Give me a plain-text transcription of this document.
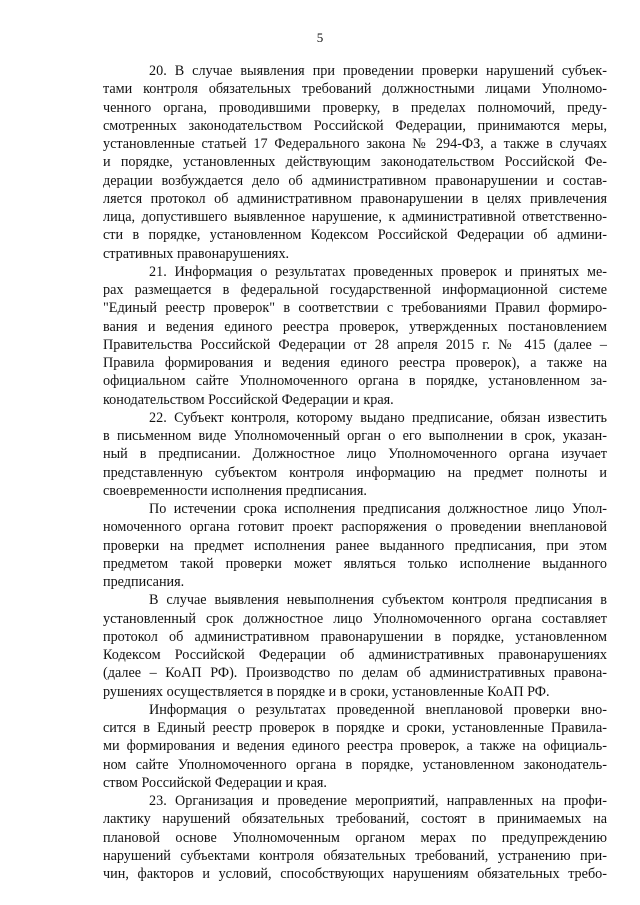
5
20. В случае выявления при проведении проверки нарушений субъек-
тами контроля обязательных требований должностными лицами Уполномо-
ченного органа, проводившими проверку, в пределах полномочий, преду-
смотренных законодательством Российской Федерации, принимаются меры,
установленные статьей 17 Федерального закона № 294-ФЗ, а также в случаях
и порядке, установленных действующим законодательством Российской Фе-
дерации возбуждается дело об административном правонарушении и состав-
ляется протокол об административном правонарушении в целях привлечения
лица, допустившего выявленное нарушение, к административной ответственно-
сти в порядке, установленном Кодексом Российской Федерации об админи-
стративных правонарушениях.
21. Информация о результатах проведенных проверок и принятых ме-
рах размещается в федеральной государственной информационной системе
"Единый реестр проверок" в соответствии с требованиями Правил формиро-
вания и ведения единого реестра проверок, утвержденных постановлением
Правительства Российской Федерации от 28 апреля 2015 г. № 415 (далее –
Правила формирования и ведения единого реестра проверок), а также на
официальном сайте Уполномоченного органа в порядке, установленном за-
конодательством Российской Федерации и края.
22. Субъект контроля, которому выдано предписание, обязан известить
в письменном виде Уполномоченный орган о его выполнении в срок, указан-
ный в предписании. Должностное лицо Уполномоченного органа изучает
представленную субъектом контроля информацию на предмет полноты и
своевременности исполнения предписания.
По истечении срока исполнения предписания должностное лицо Упол-
номоченного органа готовит проект распоряжения о проведении внеплановой
проверки на предмет исполнения ранее выданного предписания, при этом
предметом такой проверки может являться только исполнение выданного
предписания.
В случае выявления невыполнения субъектом контроля предписания в
установленный срок должностное лицо Уполномоченного органа составляет
протокол об административном правонарушении в порядке, установленном
Кодексом Российской Федерации об административных правонарушениях
(далее – КоАП РФ). Производство по делам об административных правона-
рушениях осуществляется в порядке и в сроки, установленные КоАП РФ.
Информация о результатах проведенной внеплановой проверки вно-
сится в Единый реестр проверок в порядке и сроки, установленные Правила-
ми формирования и ведения единого реестра проверок, а также на официаль-
ном сайте Уполномоченного органа в порядке, установленном законодатель-
ством Российской Федерации и края.
23. Организация и проведение мероприятий, направленных на профи-
лактику нарушений обязательных требований, состоят в принимаемых на
плановой основе Уполномоченным органом мерах по предупреждению
нарушений субъектами контроля обязательных требований, устранению при-
чин, факторов и условий, способствующих нарушениям обязательных требо-
